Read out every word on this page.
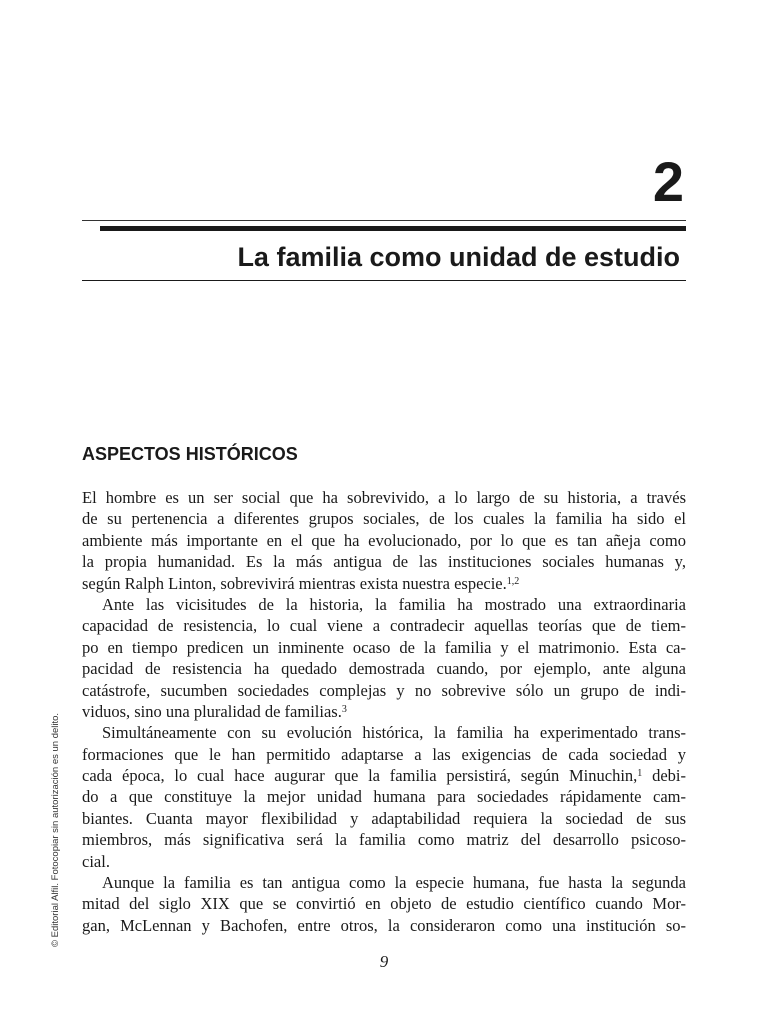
2
La familia como unidad de estudio
ASPECTOS HISTÓRICOS
El hombre es un ser social que ha sobrevivido, a lo largo de su historia, a través
de su pertenencia a diferentes grupos sociales, de los cuales la familia ha sido el
ambiente más importante en el que ha evolucionado, por lo que es tan añeja como
la propia humanidad. Es la más antigua de las instituciones sociales humanas y,
según Ralph Linton, sobrevivirá mientras exista nuestra especie.$^{1,2}$
Ante las vicisitudes de la historia, la familia ha mostrado una extraordinaria
capacidad de resistencia, lo cual viene a contradecir aquellas teorías que de tiem-
po en tiempo predicen un inminente ocaso de la familia y el matrimonio. Esta ca-
pacidad de resistencia ha quedado demostrada cuando, por ejemplo, ante alguna
catástrofe, sucumben sociedades complejas y no sobrevive sólo un grupo de indi-
viduos, sino una pluralidad de familias.$^3$
Simultáneamente con su evolución histórica, la familia ha experimentado trans-
formaciones que le han permitido adaptarse a las exigencias de cada sociedad y
cada época, lo cual hace augurar que la familia persistirá, según Minuchin,$^1$ debi-
do a que constituye la mejor unidad humana para sociedades rápidamente cam-
biantes. Cuanta mayor flexibilidad y adaptabilidad requiera la sociedad de sus
miembros, más significativa será la familia como matriz del desarrollo psicoso-
cial.
Aunque la familia es tan antigua como la especie humana, fue hasta la segunda
mitad del siglo XIX que se convirtió en objeto de estudio científico cuando Mor-
gan, McLennan y Bachofen, entre otros, la consideraron como una institución so-
9
© Editorial Alfil. Fotocopiar sin autorización es un delito.
